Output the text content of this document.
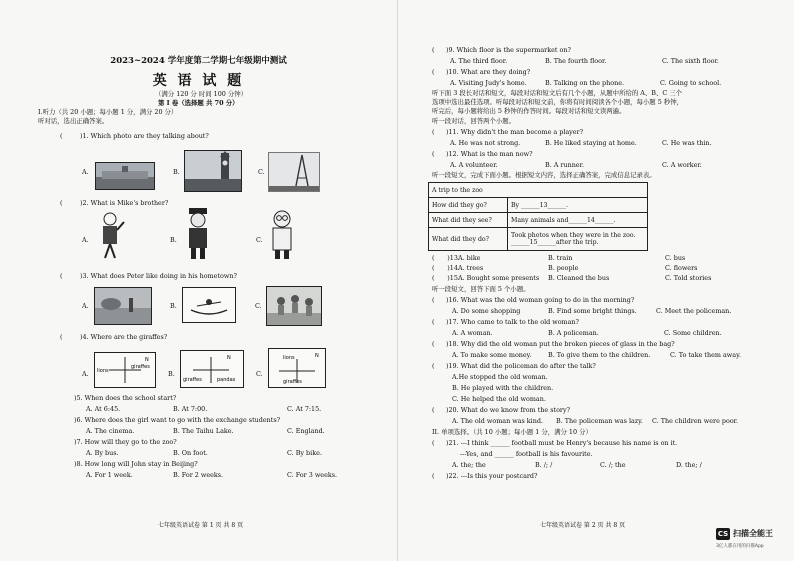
2023~2024 学年度第二学期七年级期中测试
英 语 试 题
（满分 120 分 时间 100 分钟）
第 I 卷（选择题 共 70 分）
I.听力（共 20 小题；每小题 1 分，满分 20 分）
听对话，选出正确答案。
(	)1. Which photo are they talking about?
A.	B.	C.
(	)2. What is Mike's brother?
A.	B.	C.
(	)3. What does Peter like doing in his hometown?
A.	B.	C.
(	)4. Where are the giraffes?
A. lions
giraffes
N
B.
giraffes	pandas
N
C.
lions
giraffes
N
)5. When does the school start?
A. At 6:45.	B. At 7:00.	C. At 7:15.
)6. Where does the girl want to go with the exchange students?
A. The cinema.	B. The Taihu Lake.	C. England.
)7. How will they go to the zoo?
A. By bus.	B. On foot.	C. By bike.
)8. How long will John stay in Beijing?
A. For 1 week.	B. For 2 weeks.	C. For 3 weeks.
七年级英语试卷 第 1 页 共 8 页
( )9. Which floor is the supermarket on?
A. The third floor.	B. The fourth floor.	C. The sixth floor.
( )10. What are they doing?
A. Visiting Judy's home.	B. Talking on the phone.	C. Going to school.
听下面 3 段长对话和短文，每段对话和短文后有几个小题，从题中所给的 A、B、C 三个
选项中选出最佳选项。听每段对话和短文前，你将有时间阅读各个小题，每小题 5 秒钟，
听完后，每小题将给出 5 秒钟的作答时间。每段对话和短文读两遍。
听一段对话，回答两个小题。
( )11. Why didn't the man become a player?
A. He was not strong.	B. He liked staying at home.	C. He was thin.
( )12. What is the man now?
A. A volunteer.	B. A runner.	C. A worker.
听一段短文，完成下面小题。根据短文内容，选择正确答案，完成信息记录表。
A trip to the zoo	
How did they go?	By ______13______.
What did they see?	Many animals and______14______.
What did they do?	Took photos when they were in the zoo.
______15______after the trip.
(　　)13.
A. bike	B. train	C. bus
(　　)14.
A. trees	B. people	C. flowers
(　　)15.
A. Bought some presents B. Cleaned the bus	C. Told stories
听一段短文，回答下面 5 个小题。
( )16. What was the old woman going to do in the morning?
A. Do some shopping	B. Find some bright things.	C. Meet the policeman.
( )17. Who came to talk to the old woman?
A. A woman.	B. A policeman.	C. Some children.
( )18. Why did the old woman put the broken pieces of glass in the bag?
A. To make some money.	B. To give them to the children.	C. To take them away.
( )19. What did the policeman do after the talk?
A.He stopped the old woman.
B. He played with the children.
C. He helped the old woman.
( )20. What do we know from the story?
A. The old woman was kind. B. The policeman was lazy. C. The children were poor.
II. 单项选择。（共 10 小题；每小题 1 分，满分 10 分）
( )21. ---I think ______ football must be Henry's because his name is on it.
---Yes, and ______ football is his favourite.
A. the; the	B. /; /	C. /; the	D. the; /
( )22. ---Is this your postcard?
七年级英语试卷 第 2 页 共 8 页
CS 扫描全能王
3亿人都在用的扫描App
